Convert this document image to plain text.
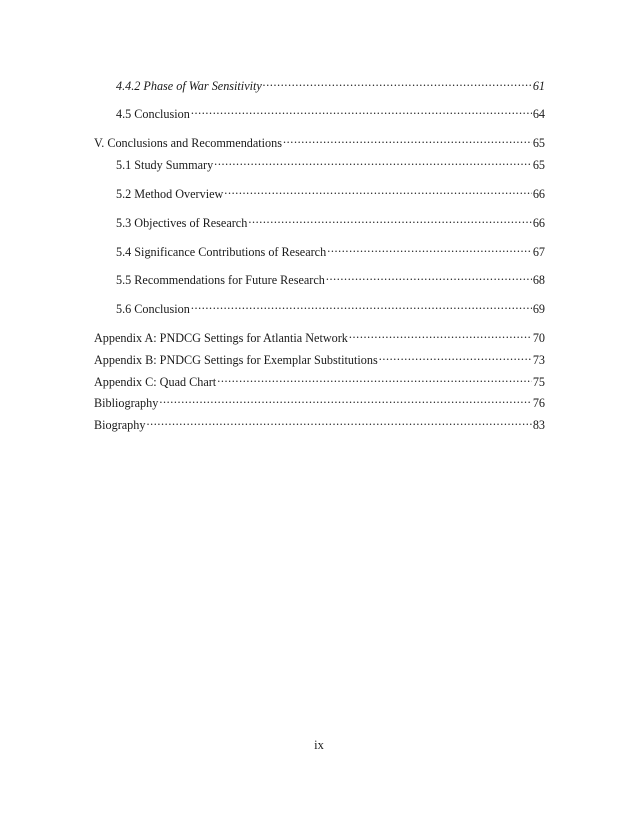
4.4.2 Phase of War Sensitivity .....	61
4.5 Conclusion .....	64
V. Conclusions and Recommendations .....	65
5.1 Study Summary .....	65
5.2 Method Overview .....	66
5.3 Objectives of Research .....	66
5.4 Significance Contributions of Research .....	67
5.5 Recommendations for Future Research .....	68
5.6 Conclusion .....	69
Appendix A: PNDCG Settings for Atlantia Network .....	70
Appendix B: PNDCG Settings for Exemplar Substitutions .....	73
Appendix C: Quad Chart .....	75
Bibliography .....	76
Biography .....	83
ix
